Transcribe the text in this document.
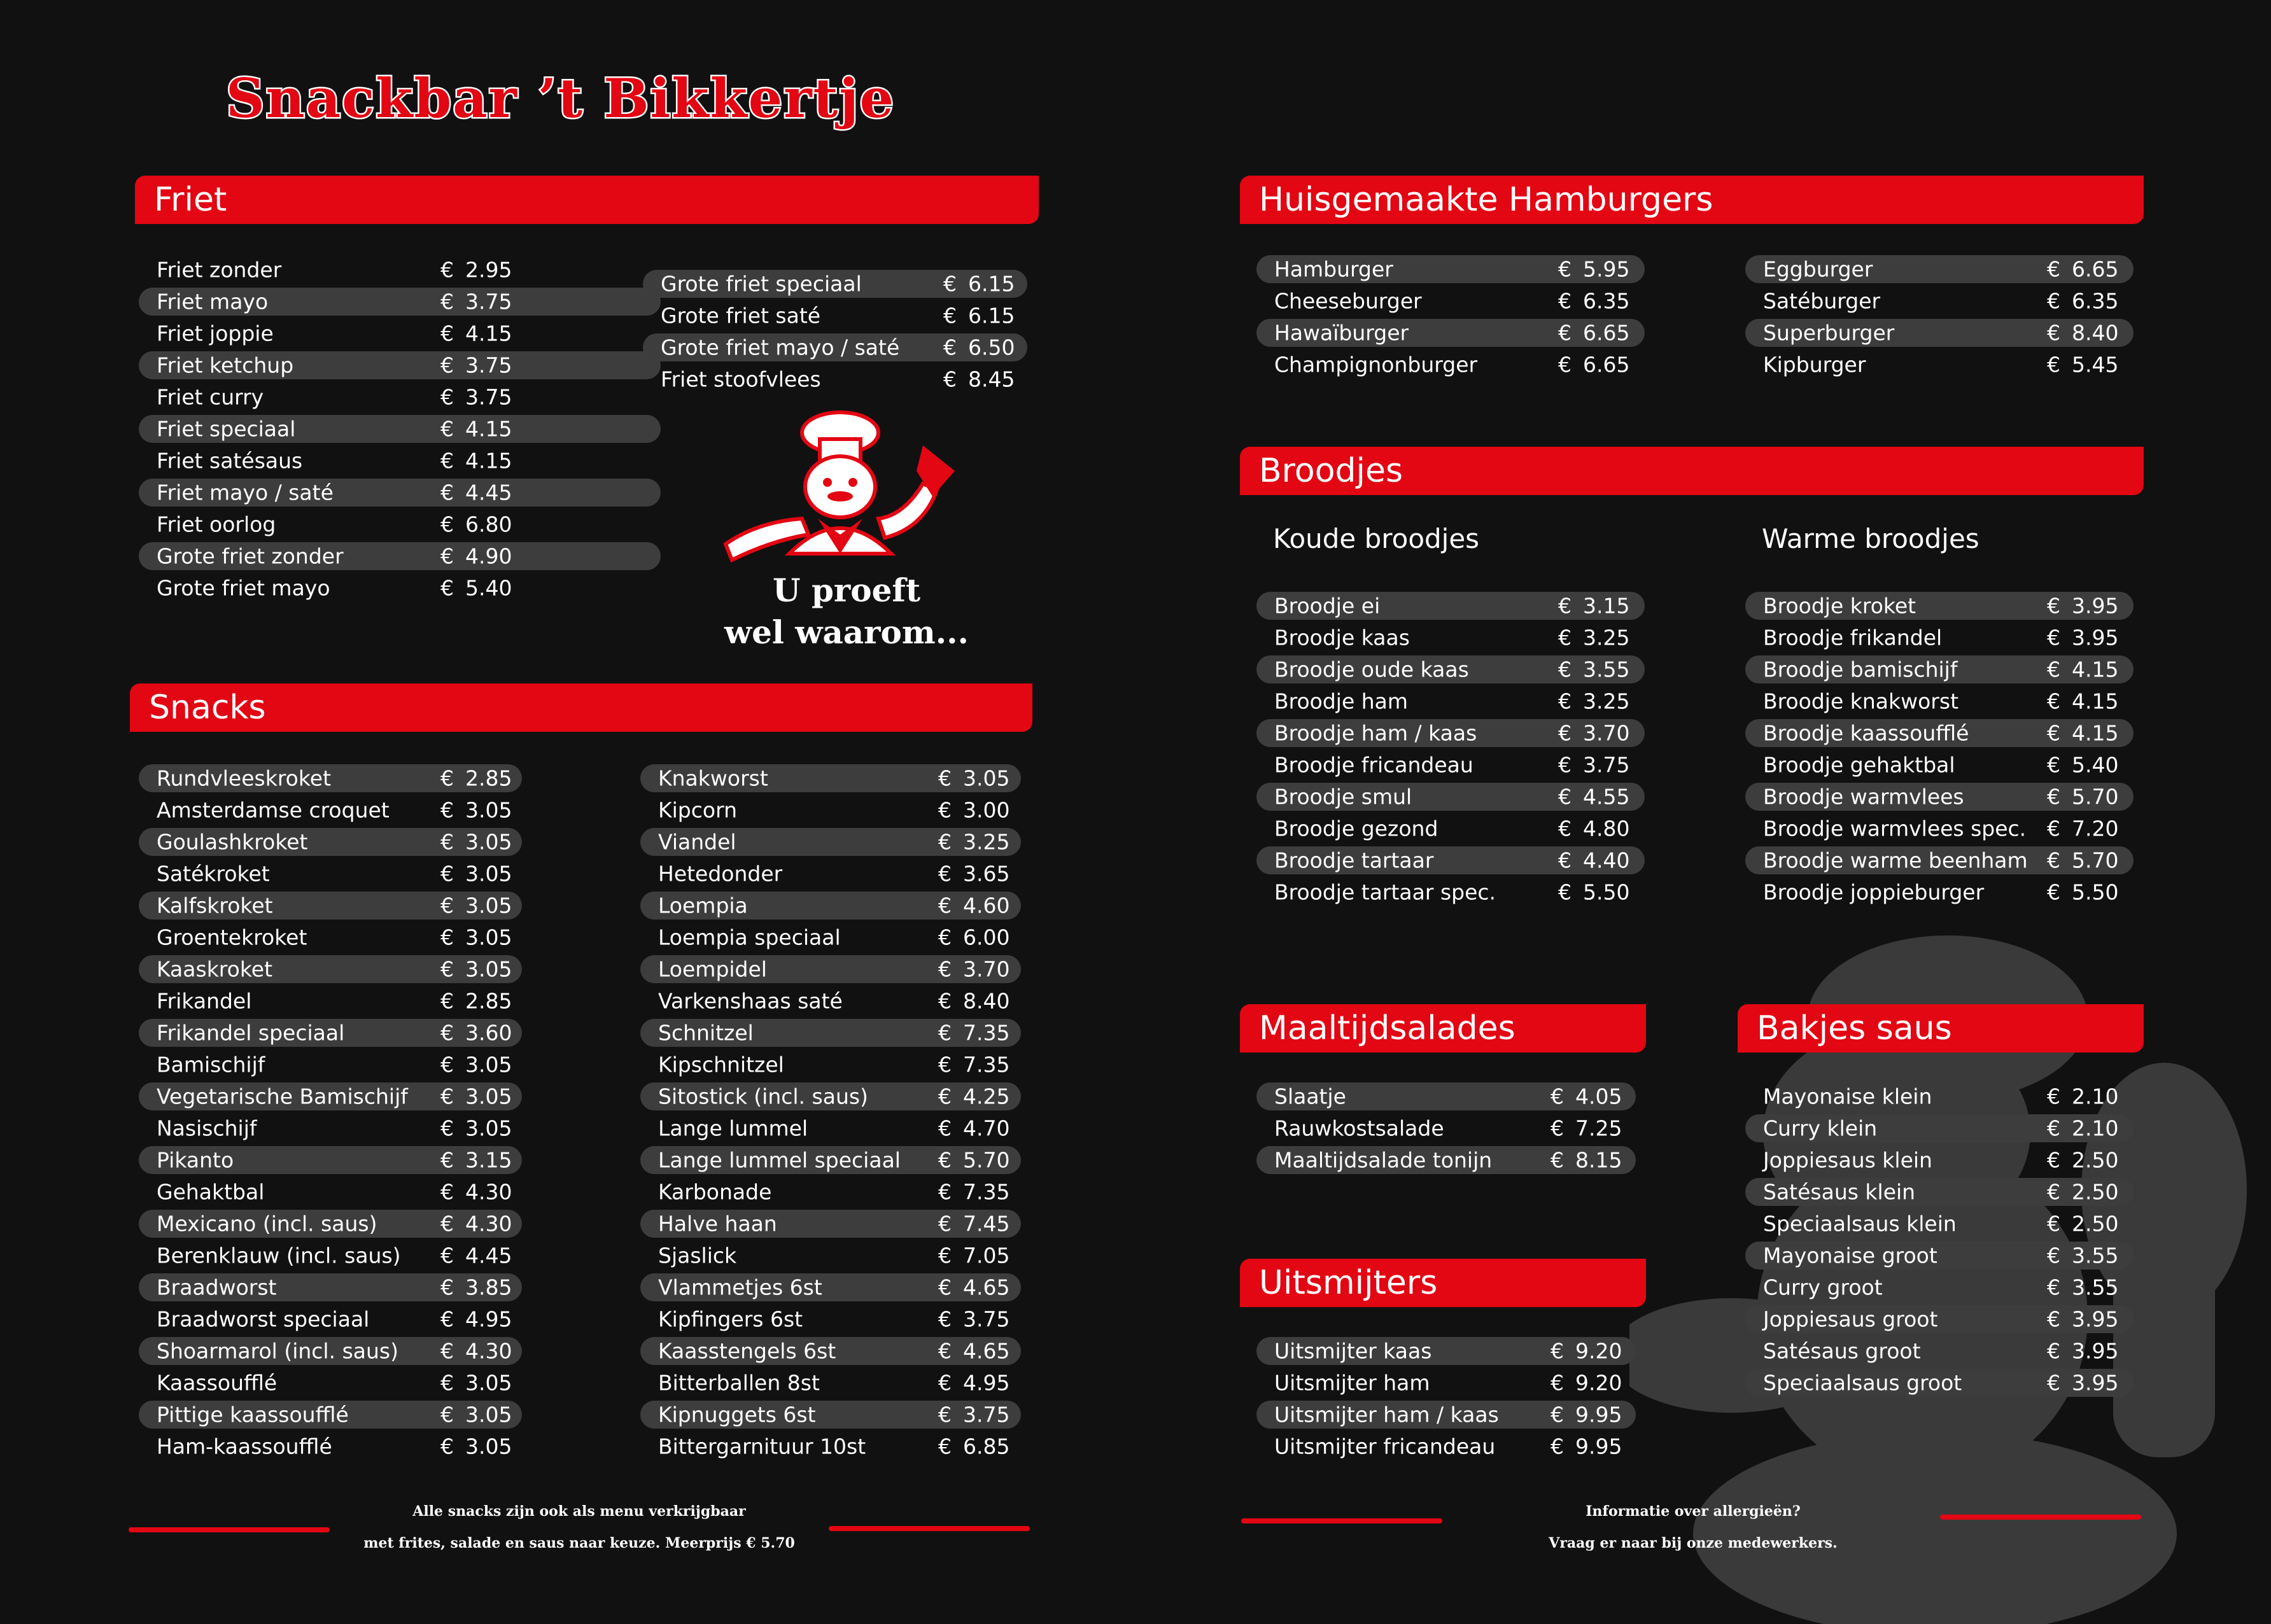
Snackbar ’t Bikkertje
Friet
Snacks
Huisgemaakte Hamburgers
Broodjes
Maaltijdsalades	Bakjes saus
Uitsmijters
Koude broodjes	Warme broodjes
U proeft
wel waarom...
Friet zonder	€ 2.95
Friet mayo	€ 3.75
Friet joppie	€ 4.15
Friet ketchup	€ 3.75
Friet curry	€ 3.75
Friet speciaal	€ 4.15
Friet satésaus	€ 4.15
Friet mayo / saté	€ 4.45
Friet oorlog	€ 6.80
Grote friet zonder	€ 4.90
Grote friet mayo	€ 5.40
Grote friet speciaal	€ 6.15
Grote friet saté	€ 6.15
Grote friet mayo / saté € 6.50
Friet stoofvlees	€ 8.45
Rundvleeskroket	€ 2.85
Amsterdamse croquet € 3.05
Goulashkroket	€ 3.05
Satékroket	€ 3.05
Kalfskroket	€ 3.05
Groentekroket	€ 3.05
Kaaskroket	€ 3.05
Frikandel	€ 2.85
Frikandel speciaal	€ 3.60
Bamischijf	€ 3.05
Vegetarische Bamischijf € 3.05
Nasischijf	€ 3.05
Pikanto	€ 3.15
Gehaktbal	€ 4.30
Mexicano (incl. saus)	€ 4.30
Berenklauw (incl. saus) € 4.45
Braadworst	€ 3.85
Braadworst speciaal	€ 4.95
Shoarmarol (incl. saus) € 4.30
Kaassoufflé	€ 3.05
Pittige kaassoufflé	€ 3.05
Ham-kaassoufflé	€ 3.05
Knakworst	€ 3.05
Kipcorn	€ 3.00
Viandel	€ 3.25
Hetedonder	€ 3.65
Loempia	€ 4.60
Loempia speciaal	€ 6.00
Loempidel	€ 3.70
Varkenshaas saté	€ 8.40
Schnitzel	€ 7.35
Kipschnitzel	€ 7.35
Sitostick (incl. saus)	€ 4.25
Lange lummel	€ 4.70
Lange lummel speciaal € 5.70
Karbonade	€ 7.35
Halve haan	€ 7.45
Sjaslick	€ 7.05
Vlammetjes 6st	€ 4.65
Kipfingers 6st	€ 3.75
Kaasstengels 6st	€ 4.65
Bitterballen 8st	€ 4.95
Kipnuggets 6st	€ 3.75
Bittergarnituur 10st	€ 6.85
Hamburger	€ 5.95
Cheeseburger	€ 6.35
Hawaïburger	€ 6.65
Champignonburger	€ 6.65
Eggburger	€ 6.65
Satéburger	€ 6.35
Superburger	€ 8.40
Kipburger	€ 5.45
Broodje ei	€ 3.15
Broodje kaas	€ 3.25
Broodje oude kaas	€ 3.55
Broodje ham	€ 3.25
Broodje ham / kaas	€ 3.70
Broodje fricandeau	€ 3.75
Broodje smul	€ 4.55
Broodje gezond	€ 4.80
Broodje tartaar	€ 4.40
Broodje tartaar spec.	€ 5.50
Broodje kroket	€ 3.95
Broodje frikandel	€ 3.95
Broodje bamischijf	€ 4.15
Broodje knakworst	€ 4.15
Broodje kaassoufflé	€ 4.15
Broodje gehaktbal	€ 5.40
Broodje warmvlees	€ 5.70
Broodje warmvlees spec. € 7.20
Broodje warme beenham € 5.70
Broodje joppieburger	€ 5.50
Slaatje	€ 4.05
Rauwkostsalade	€ 7.25
Maaltijdsalade tonijn	€ 8.15
Uitsmijter kaas	€ 9.20
Uitsmijter ham	€ 9.20
Uitsmijter ham / kaas € 9.95
Uitsmijter fricandeau	€ 9.95
Mayonaise klein	€ 2.10
Curry klein	€ 2.10
Joppiesaus klein	€ 2.50
Satésaus klein	€ 2.50
Speciaalsaus klein	€ 2.50
Mayonaise groot	€ 3.55
Curry groot	€ 3.55
Joppiesaus groot	€ 3.95
Satésaus groot	€ 3.95
Speciaalsaus groot	€ 3.95
Alle snacks zijn ook als menu verkrijgbaar
met frites, salade en saus naar keuze. Meerprijs € 5.70
Informatie over allergieën?
Vraag er naar bij onze medewerkers.
